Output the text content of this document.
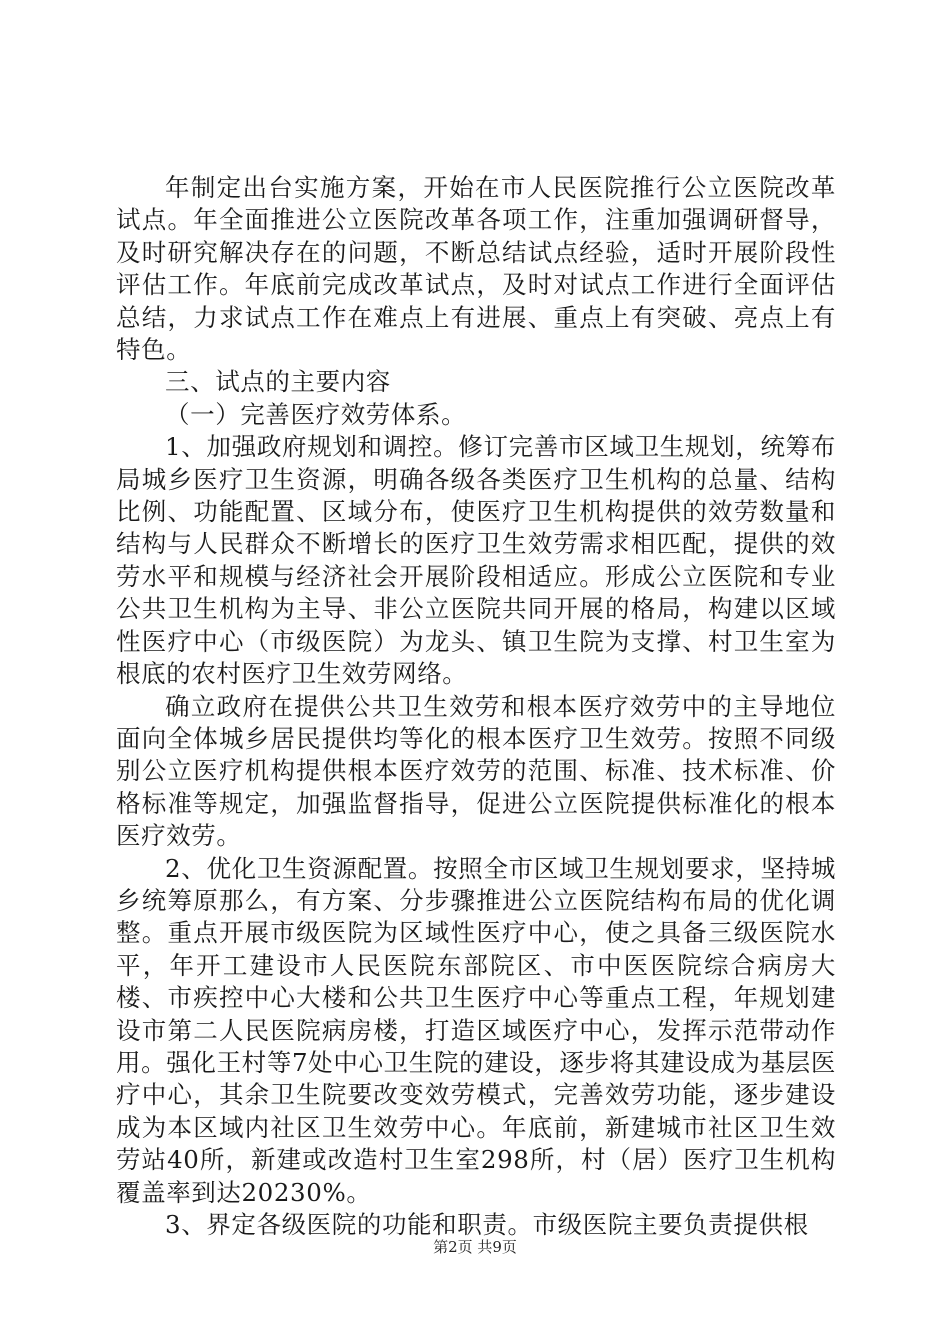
年制定出台实施方案，开始在市人民医院推行公立医院改革试点。年全面推进公立医院改革各项工作，注重加强调研督导，及时研究解决存在的问题，不断总结试点经验，适时开展阶段性评估工作。年底前完成改革试点，及时对试点工作进行全面评估总结，力求试点工作在难点上有进展、重点上有突破、亮点上有特色。

三、试点的主要内容

（一）完善医疗效劳体系。

1、加强政府规划和调控。修订完善市区域卫生规划，统筹布局城乡医疗卫生资源，明确各级各类医疗卫生机构的总量、结构比例、功能配置、区域分布，使医疗卫生机构提供的效劳数量和结构与人民群众不断增长的医疗卫生效劳需求相匹配，提供的效劳水平和规模与经济社会开展阶段相适应。形成公立医院和专业公共卫生机构为主导、非公立医院共同开展的格局，构建以区域性医疗中心（市级医院）为龙头、镇卫生院为支撑、村卫生室为根底的农村医疗卫生效劳网络。

确立政府在提供公共卫生效劳和根本医疗效劳中的主导地位面向全体城乡居民提供均等化的根本医疗卫生效劳。按照不同级别公立医疗机构提供根本医疗效劳的范围、标准、技术标准、价格标准等规定，加强监督指导，促进公立医院提供标准化的根本医疗效劳。

2、优化卫生资源配置。按照全市区域卫生规划要求，坚持城乡统筹原那么，有方案、分步骤推进公立医院结构布局的优化调整。重点开展市级医院为区域性医疗中心，使之具备三级医院水平，年开工建设市人民医院东部院区、市中医医院综合病房大楼、市疾控中心大楼和公共卫生医疗中心等重点工程，年规划建设市第二人民医院病房楼，打造区域医疗中心，发挥示范带动作用。强化王村等7处中心卫生院的建设，逐步将其建设成为基层医疗中心，其余卫生院要改变效劳模式，完善效劳功能，逐步建设成为本区域内社区卫生效劳中心。年底前，新建城市社区卫生效劳站40所，新建或改造村卫生室298所，村（居）医疗卫生机构覆盖率到达20230%。

3、界定各级医院的功能和职责。市级医院主要负责提供根

第2页 共9页
